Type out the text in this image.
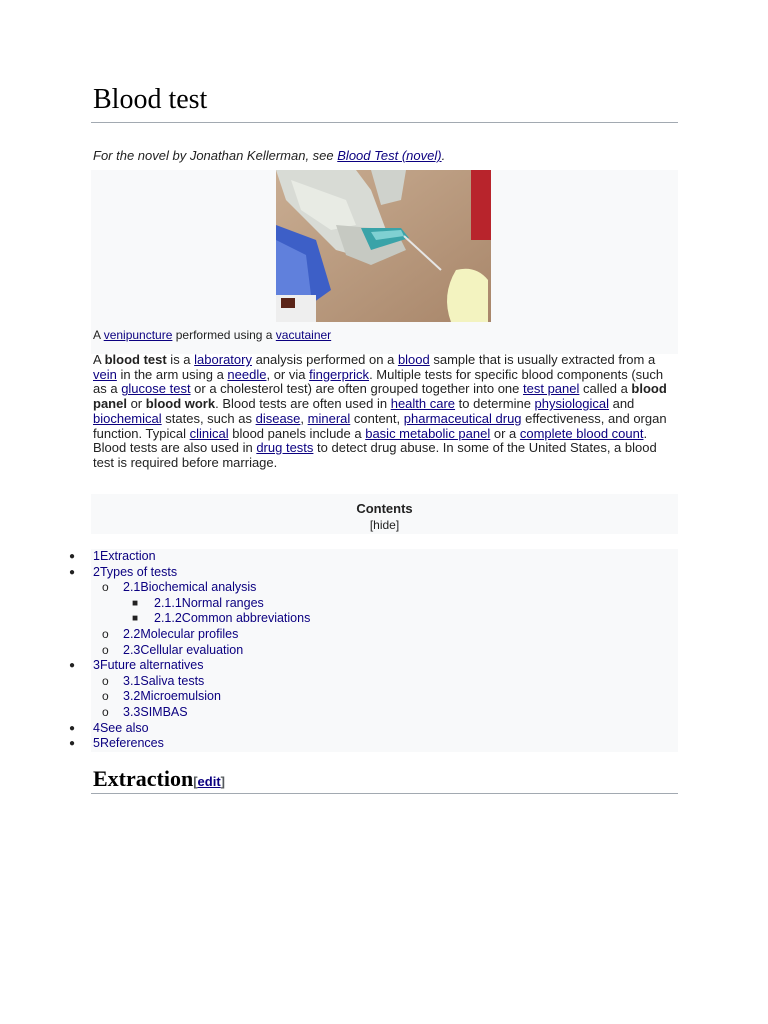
Blood test
For the novel by Jonathan Kellerman, see Blood Test (novel).
A venipuncture performed using a vacutainer

A blood test is a laboratory analysis performed on a blood sample that is usually extracted from a vein in the arm using a needle, or via fingerprick. Multiple tests for specific blood components (such as a glucose test or a cholesterol test) are often grouped together into one test panel called a blood panel or blood work. Blood tests are often used in health care to determine physiological and biochemical states, such as disease, mineral content, pharmaceutical drug effectiveness, and organ function. Typical clinical blood panels include a basic metabolic panel or a complete blood count. Blood tests are also used in drug tests to detect drug abuse. In some of the United States, a blood test is required before marriage.

Contents
[hide]
● 1Extraction
● 2Types of tests
o 2.1Biochemical analysis
■ 2.1.1Normal ranges
■ 2.1.2Common abbreviations
o 2.2Molecular profiles
o 2.3Cellular evaluation
● 3Future alternatives
o 3.1Saliva tests
o 3.2Microemulsion
o 3.3SIMBAS
● 4See also
● 5References
Extraction[edit]
